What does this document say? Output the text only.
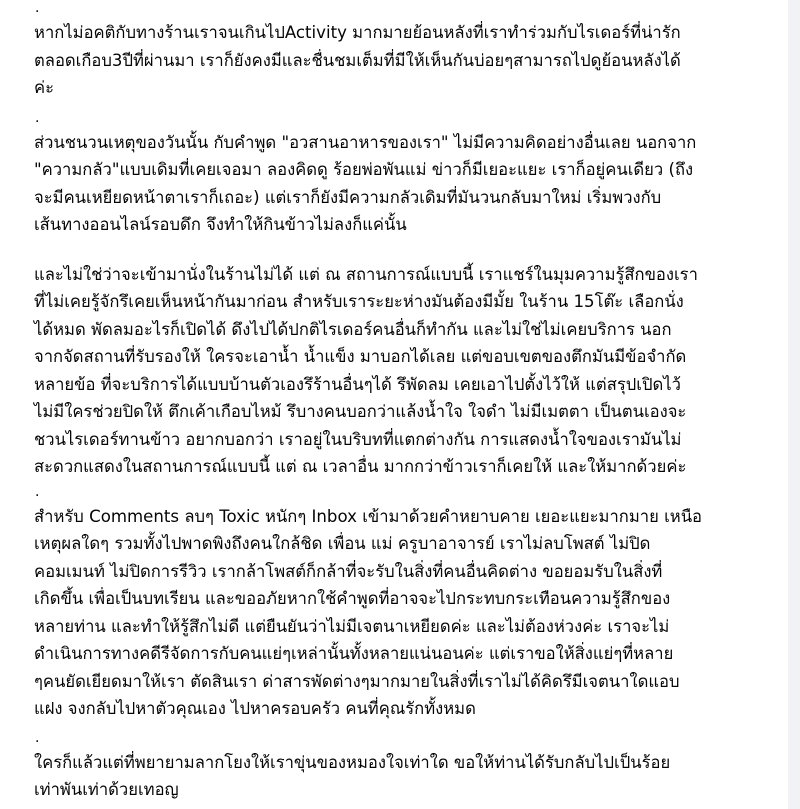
.
หากไม่อคติกับทางร้านเราจนเกินไปActivity มากมายย้อนหลังที่เราทำร่วมกับไรเดอร์ที่น่ารัก
ตลอดเกือบ3ปีที่ผ่านมา เราก็ยังคงมีและชื่นชมเต็มที่มีให้เห็นกันบ่อยๆสามารถไปดูย้อนหลังได้
ค่ะ
.
ส่วนชนวนเหตุของวันนั้น กับคำพูด "อวสานอาหารของเรา" ไม่มีความคิดอย่างอื่นเลย นอกจาก
"ความกลัว"แบบเดิมที่เคยเจอมา ลองคิดดู ร้อยพ่อพันแม่ ข่าวก็มีเยอะแยะ เราก็อยู่คนเดียว (ถึง
จะมีคนเหยียดหน้าตาเราก็เถอะ) แต่เราก็ยังมีความกลัวเดิมที่มันวนกลับมาใหม่ เริ่มพวงกับ
เส้นทางออนไลน์รอบดึก จึงทำให้กินข้าวไม่ลงก็แค่นั้น
และไม่ใช่ว่าจะเข้ามานั่งในร้านไม่ได้ แต่ ณ สถานการณ์แบบนี้ เราแชร์ในมุมความรู้สึกของเรา
ที่ไม่เคยรู้จักรึเคยเห็นหน้ากันมาก่อน สำหรับเราระยะห่างมันต้องมีมั้ย ในร้าน 15โต๊ะ เลือกนั่ง
ได้หมด พัดลมอะไรก็เปิดได้ ดึงไปได้ปกติไรเดอร์คนอื่นก็ทำกัน และไม่ใช่ไม่เคยบริการ นอก
จากจัดสถานที่รับรองให้ ใครจะเอาน้ำ น้ำแข็ง มาบอกได้เลย แต่ขอบเขตของตึกมันมีข้อจำกัด
หลายข้อ ที่จะบริการได้แบบบ้านตัวเองรึร้านอื่นๆได้ รึพัดลม เคยเอาไปตั้งไว้ให้ แต่สรุปเปิดไว้
ไม่มีใครช่วยปิดให้ ตึกเค้าเกือบไหม้ รึบางคนบอกว่าแล้งน้ำใจ ใจดำ ไม่มีเมตตา เป็นตนเองจะ
ชวนไรเดอร์ทานข้าว อยากบอกว่า เราอยู่ในบริบทที่แตกต่างกัน การแสดงน้ำใจของเรามันไม่
สะดวกแสดงในสถานการณ์แบบนี้ แต่ ณ เวลาอื่น มากกว่าข้าวเราก็เคยให้ และให้มากด้วยค่ะ
.
สำหรับ Comments ลบๆ Toxic หนักๆ Inbox เข้ามาด้วยคำหยาบคาย เยอะแยะมากมาย เหนือ
เหตุผลใดๆ รวมทั้งไปพาดพิงถึงคนใกล้ชิด เพื่อน แม่ ครูบาอาจารย์ เราไม่ลบโพสต์ ไม่ปิด
คอมเมนท์ ไม่ปิดการรีวิว เรากล้าโพสต์ก็กล้าที่จะรับในสิ่งที่คนอื่นคิดต่าง ขอยอมรับในสิ่งที่
เกิดขึ้น เพื่อเป็นบทเรียน และขออภัยหากใช้คำพูดที่อาจจะไปกระทบกระเทือนความรู้สึกของ
หลายท่าน และทำให้รู้สึกไม่ดี แต่ยืนยันว่าไม่มีเจตนาเหยียดค่ะ และไม่ต้องห่วงค่ะ เราจะไม่
ดำเนินการทางคดีรีจัดการกับคนแย่ๆเหล่านั้นทั้งหลายแน่นอนค่ะ แต่เราขอให้สิ่งแย่ๆที่หลาย
ๆคนยัดเยียดมาให้เรา ตัดสินเรา ด่าสารพัดต่างๆมากมายในสิ่งที่เราไม่ได้คิดรึมีเจตนาใดแอบ
แฝง จงกลับไปหาตัวคุณเอง ไปหาครอบครัว คนที่คุณรักทั้งหมด
.
ใครก็แล้วแต่ที่พยายามลากโยงให้เราขุ่นของหมองใจเท่าใด ขอให้ท่านได้รับกลับไปเป็นร้อย
เท่าพันเท่าด้วยเทอญ
